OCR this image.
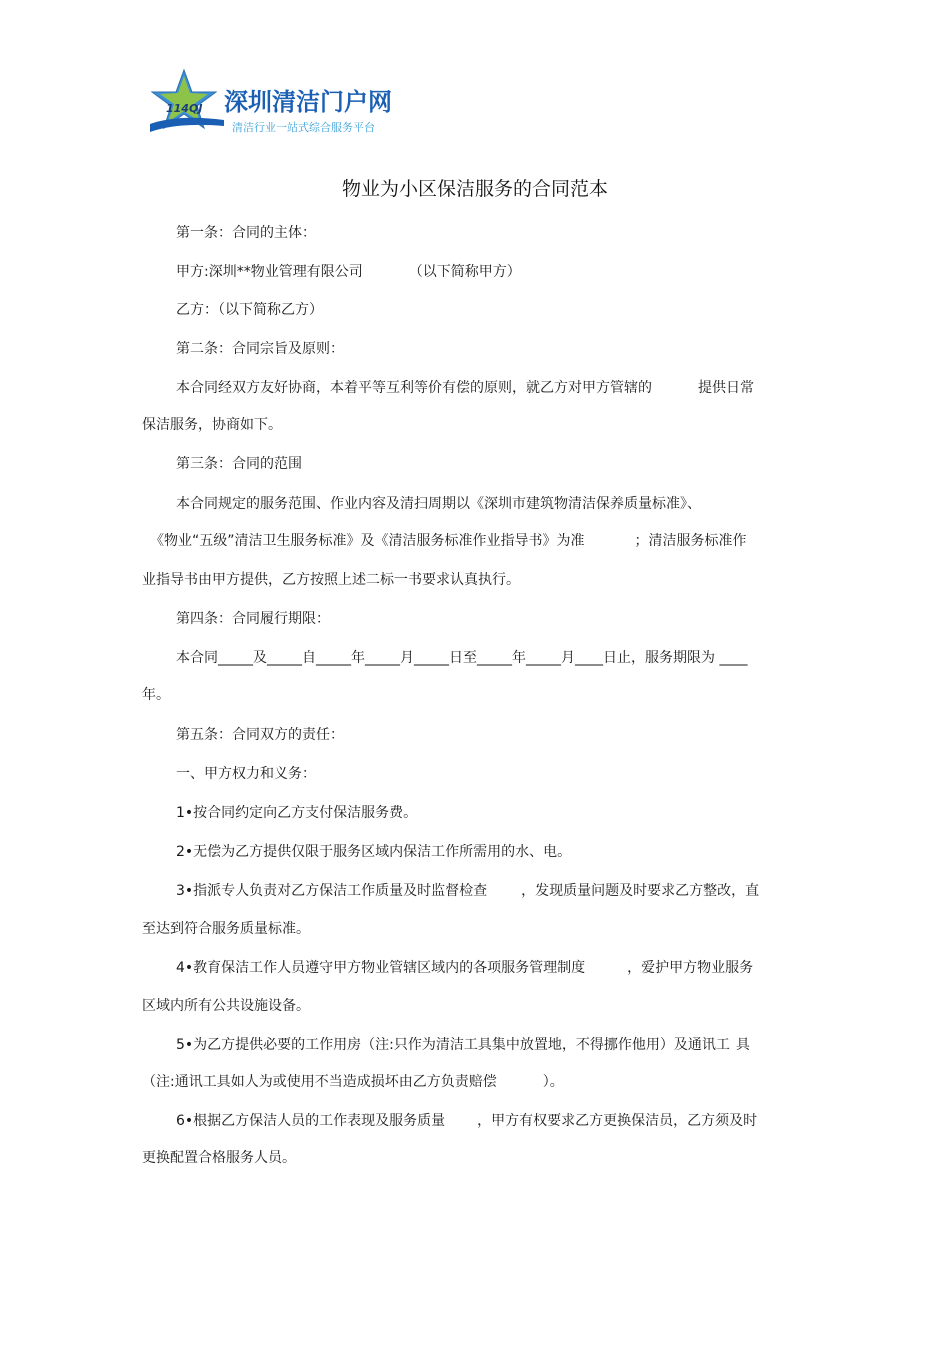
114QJ 深圳清洁门户网
清洁行业一站式综合服务平台
物业为小区保洁服务的合同范本
第一条：合同的主体：
甲方:深圳**物业管理有限公司	（以下简称甲方）
乙方：（以下简称乙方）
第二条：合同宗旨及原则：
本合同经双方友好协商，本着平等互利等价有偿的原则，就乙方对甲方管辖的	提供日常
保洁服务，协商如下。
第三条：合同的范围
本合同规定的服务范围、作业内容及清扫周期以《深圳市建筑物清洁保养质量标准》、
《物业“五级”清洁卫生服务标准》及《清洁服务标准作业指导书》为准	；清洁服务标准作
业指导书由甲方提供，乙方按照上述二标一书要求认真执行。
第四条：合同履行期限：
本合同_____及_____自_____年_____月_____日至_____年_____月____日止，服务期限为 ____
年。
第五条：合同双方的责任：
一、甲方权力和义务：
1•按合同约定向乙方支付保洁服务费。
2•无偿为乙方提供仅限于服务区域内保洁工作所需用的水、电。
3•指派专人负责对乙方保洁工作质量及时监督检查 ，发现质量问题及时要求乙方整改，直
至达到符合服务质量标准。
4•教育保洁工作人员遵守甲方物业管辖区域内的各项服务管理制度	，爱护甲方物业服务
区域内所有公共设施设备。
5•为乙方提供必要的工作用房（注:只作为清洁工具集中放置地，不得挪作他用）及通讯工 具
（注:通讯工具如人为或使用不当造成损坏由乙方负责赔偿	）。
6•根据乙方保洁人员的工作表现及服务质量 ，甲方有权要求乙方更换保洁员，乙方须及时
更换配置合格服务人员。
